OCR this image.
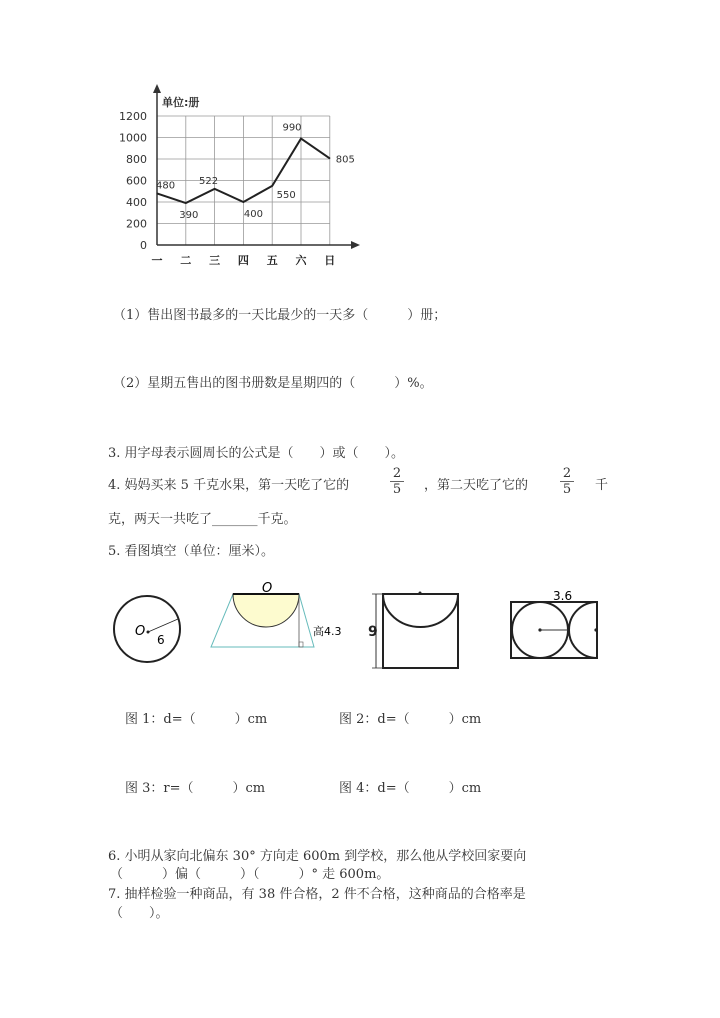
单位:册
0
200
400
600
800
1000
1200
一 二 三 四 五 六 日
480
390
522
400
550
990
805
（1）售出图书最多的一天比最少的一天多（　　　）册；
（2）星期五售出的图书册数是星期四的（　　　）%。
3. 用字母表示圆周长的公式是（　　）或（　　）。
4. 妈妈买来 5 千克水果，第一天吃了它的	$\frac{2}{5}$ ，第二天吃了它的 $\frac{2}{5}$ 千
克，两天一共吃了_______千克。
5. 看图填空（单位：厘米）。
O
6
O
高4.3 9
3.6
图 1：d=（　　　）cm	图 2：d=（　　　）cm
图 3：r=（　　　）cm	图 4：d=（　　　）cm
6. 小明从家向北偏东 30° 方向走 600m 到学校，那么他从学校回家要向
（　　　）偏（　　　）（　　　）° 走 600m。
7. 抽样检验一种商品，有 38 件合格，2 件不合格，这种商品的合格率是
（　　）。
